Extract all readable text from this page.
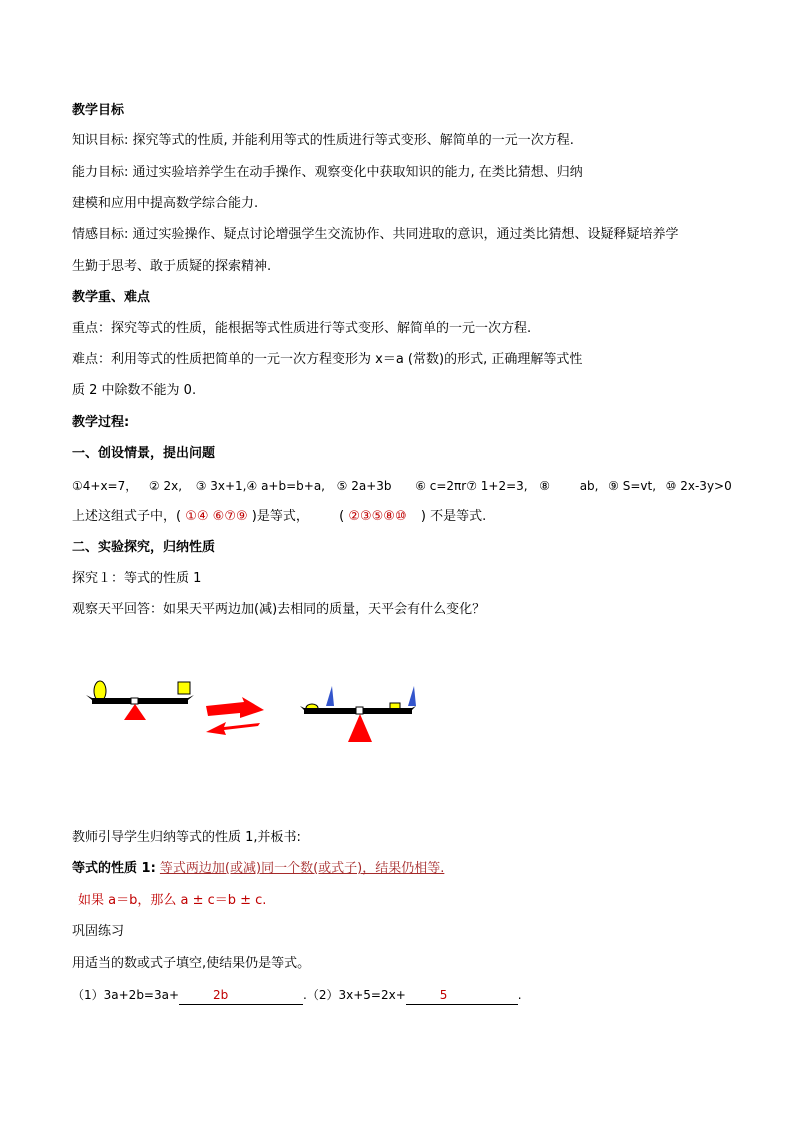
教学目标
知识目标: 探究等式的性质, 并能利用等式的性质进行等式变形、解简单的一元一次方程.
能力目标: 通过实验培养学生在动手操作、观察变化中获取知识的能力, 在类比猜想、归纳
建模和应用中提高数学综合能力.
情感目标: 通过实验操作、疑点讨论增强学生交流协作、共同进取的意识，通过类比猜想、设疑释疑培养学
生勤于思考、敢于质疑的探索精神.
教学重、难点
重点：探究等式的性质，能根据等式性质进行等式变形、解简单的一元一次方程.
难点：利用等式的性质把简单的一元一次方程变形为 x＝a (常数)的形式, 正确理解等式性
质 2 中除数不能为 0.
教学过程:
一、创设情景，提出问题
①4+x=7， ② 2x, ③ 3x+1,④ a+b=b+a, ⑤ 2a+3b ⑥ c=2πr⑦ 1+2=3, ⑧ ab, ⑨ S=vt, ⑩ 2x-3y>0
上述这组式子中，( ①④ ⑥⑦⑨ )是等式， ( ②③⑤⑧⑩ ) 不是等式.
二、实验探究，归纳性质
探究１：等式的性质 1
观察天平回答：如果天平两边加(减)去相同的质量，天平会有什么变化？
教师引导学生归纳等式的性质 1,并板书:
等式的性质 1: 等式两边加(或减)同一个数(或式子)，结果仍相等.
如果 a＝b，那么 a ± c＝b ± c.
巩固练习
用适当的数或式子填空,使结果仍是等式。
（1）3a+2b=3a+	2b	.（2）3x+5=2x+	5	.
